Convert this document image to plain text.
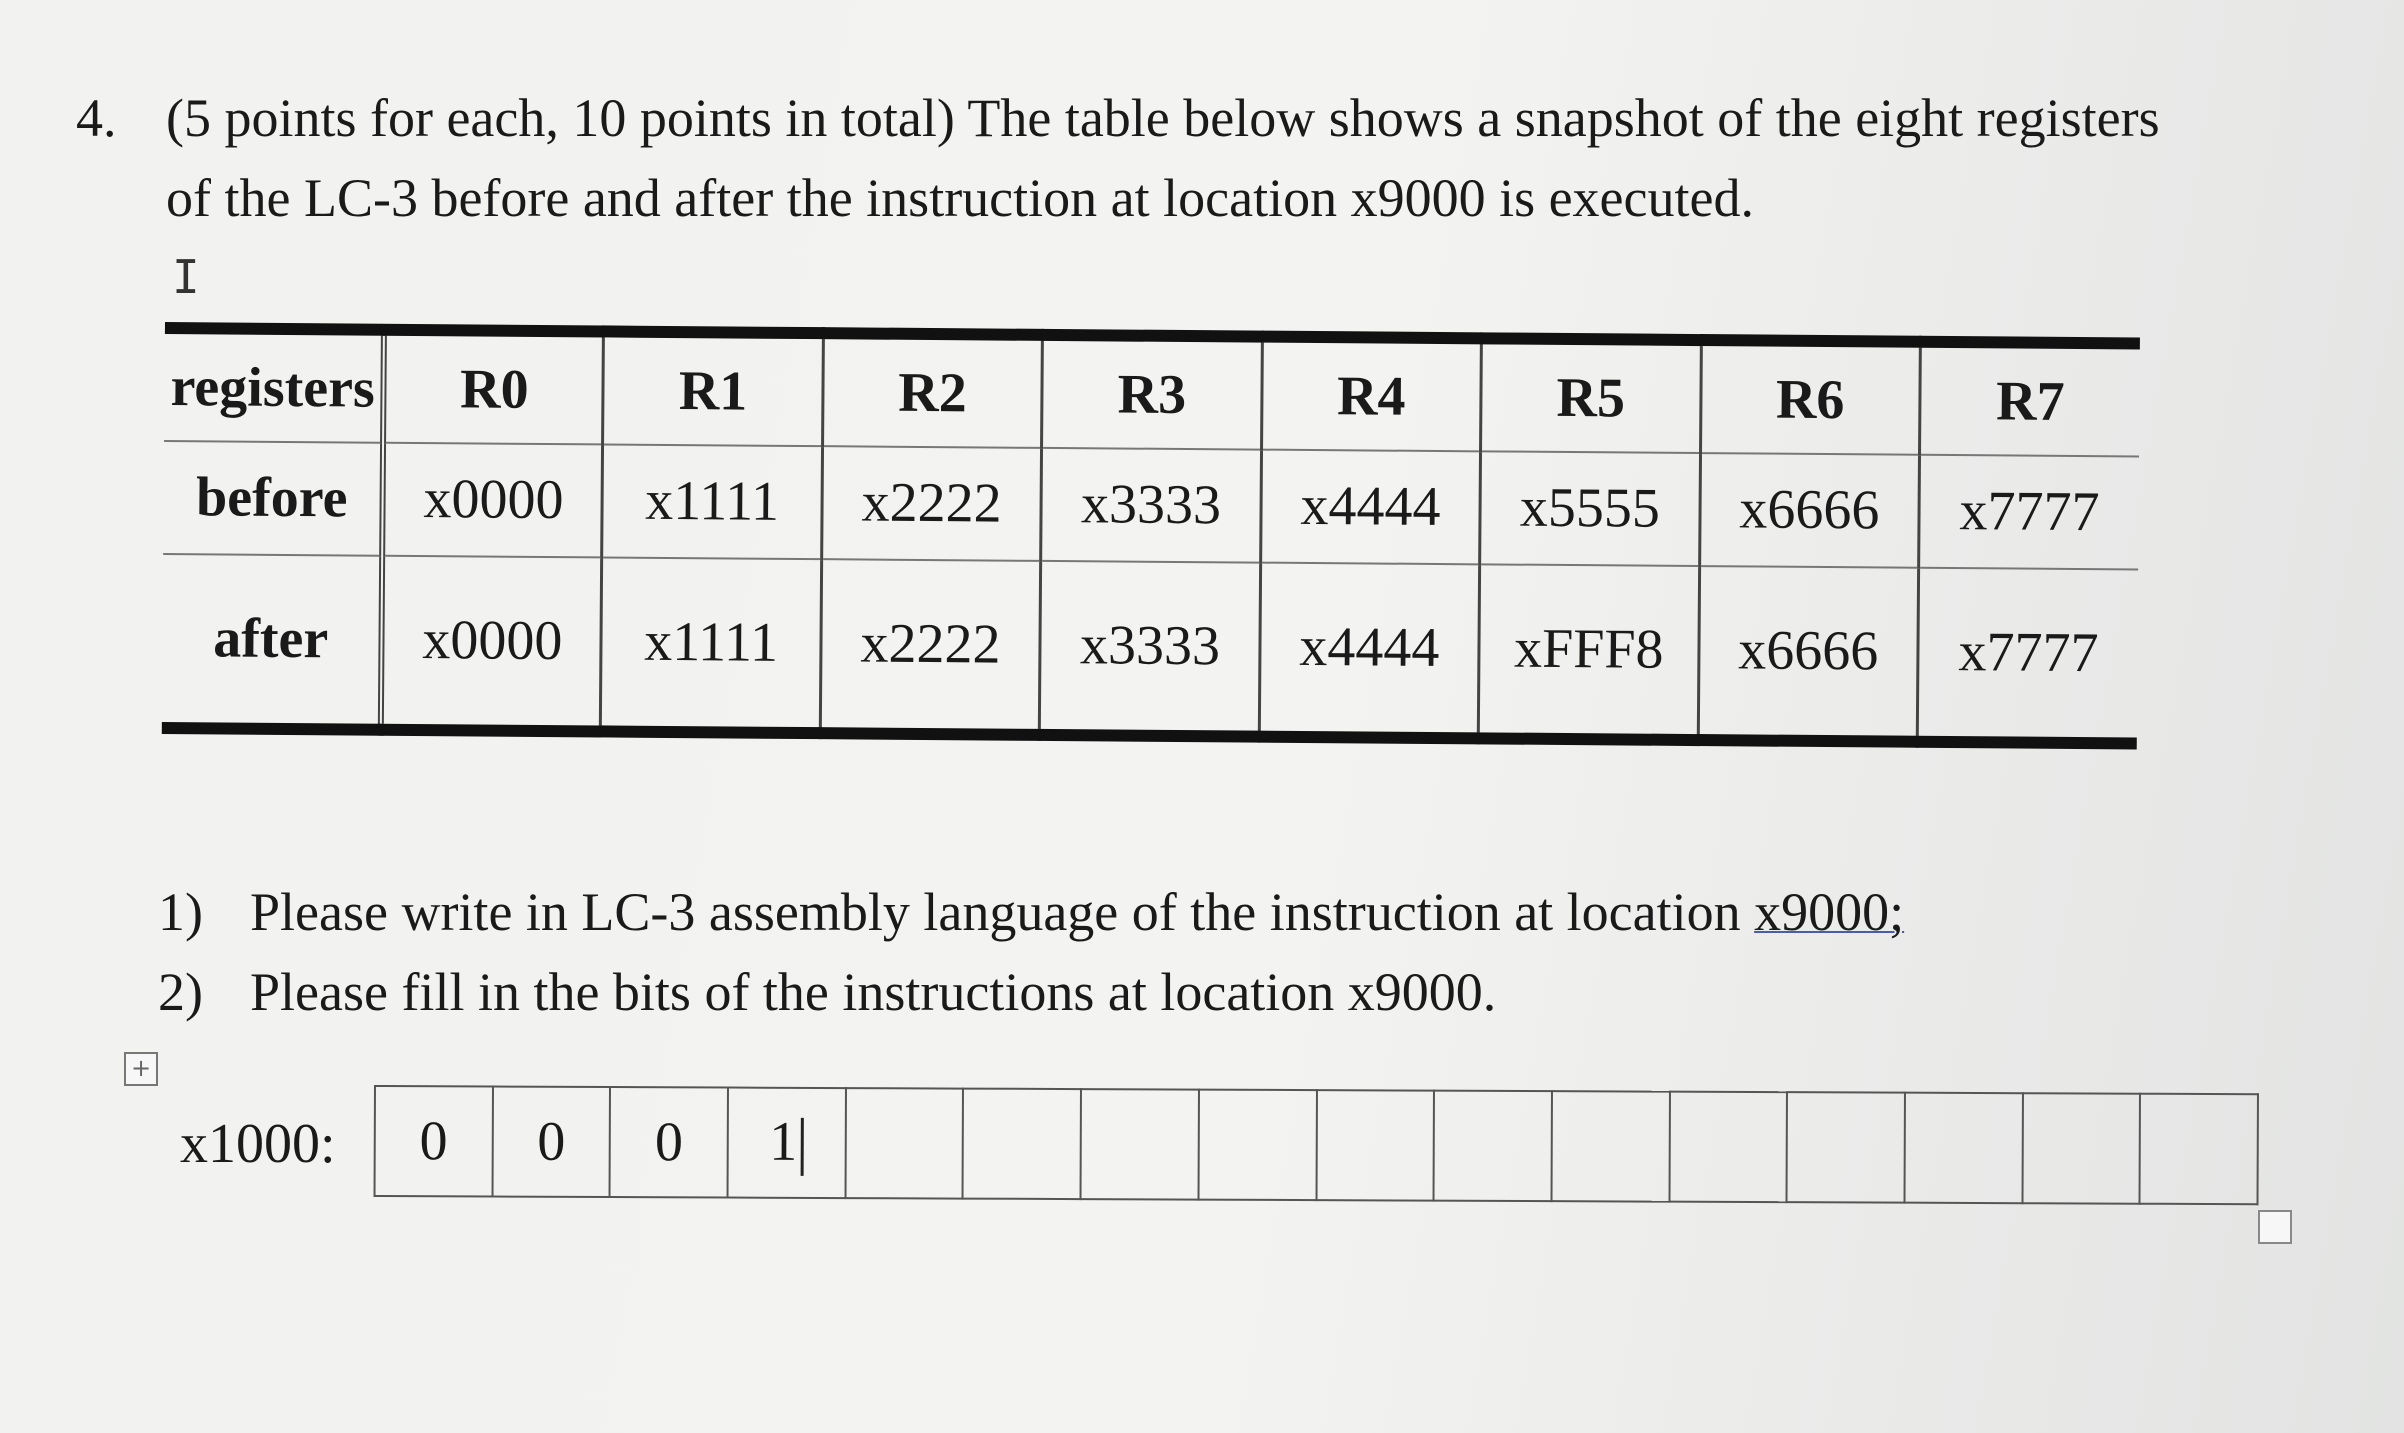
4. (5 points for each, 10 points in total) The table below shows a snapshot of the eight registers of the LC-3 before and after the instruction at location x9000 is executed.
I
registers	R0	R1	R2	R3	R4	R5	R6	R7
before	x0000	x1111	x2222	x3333	x4444	x5555	x6666	x7777
after	x0000	x1111	x2222	x3333	x4444	xFFF8	x6666	x7777
1) Please write in LC-3 assembly language of the instruction at location x9000;
2) Please fill in the bits of the instructions at location x9000.
+
x1000: 0	0	0	1												
